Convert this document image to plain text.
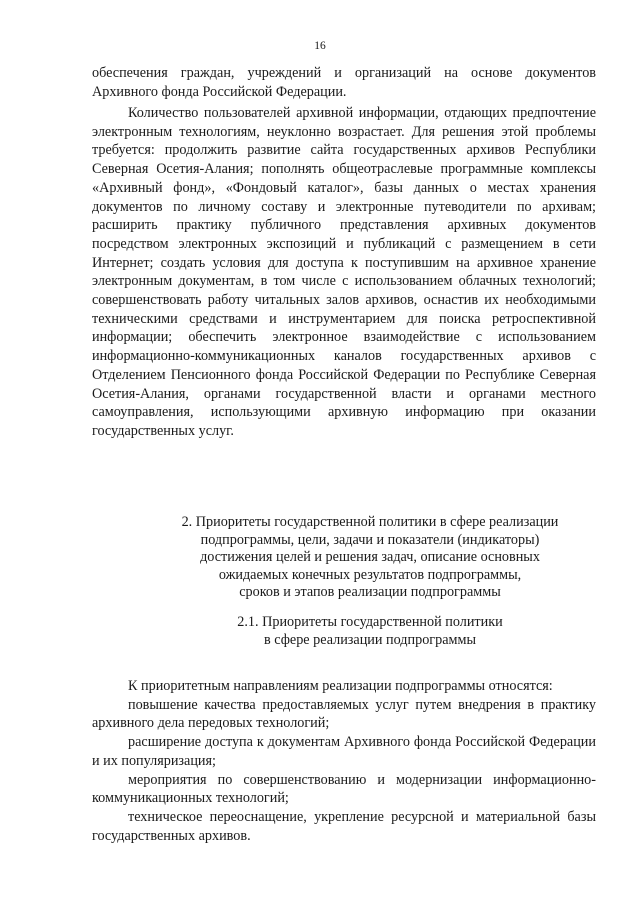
16

обеспечения граждан, учреждений и организаций на основе документов Архивного фонда Российской Федерации.

Количество пользователей архивной информации, отдающих предпочтение электронным технологиям, неуклонно возрастает. Для решения этой проблемы требуется: продолжить развитие сайта государственных архивов Республики Северная Осетия-Алания; пополнять общеотраслевые программные комплексы «Архивный фонд», «Фондовый каталог», базы данных о местах хранения документов по личному составу и электронные путеводители по архивам; расширить практику публичного представления архивных документов посредством электронных экспозиций и публикаций с размещением в сети Интернет; создать условия для доступа к поступившим на архивное хранение электронным документам, в том числе с использованием облачных технологий; совершенствовать работу читальных залов архивов, оснастив их необходимыми техническими средствами и инструментарием для поиска ретроспективной информации; обеспечить электронное взаимодействие с использованием информационно-коммуникационных каналов государственных архивов с Отделением Пенсионного фонда Российской Федерации по Республике Северная Осетия-Алания, органами государственной власти и органами местного самоуправления, использующими архивную информацию при оказании государственных услуг.

2. Приоритеты государственной политики в сфере реализации
подпрограммы, цели, задачи и показатели (индикаторы)
достижения целей и решения задач, описание основных
ожидаемых конечных результатов подпрограммы,
сроков и этапов реализации подпрограммы
2.1. Приоритеты государственной политики
в сфере реализации подпрограммы

К приоритетным направлениям реализации подпрограммы относятся:

повышение качества предоставляемых услуг путем внедрения в практику архивного дела передовых технологий;

расширение доступа к документам Архивного фонда Российской Федерации и их популяризация;

мероприятия по совершенствованию и модернизации информационно-коммуникационных технологий;

техническое переоснащение, укрепление ресурсной и материальной базы государственных архивов.
